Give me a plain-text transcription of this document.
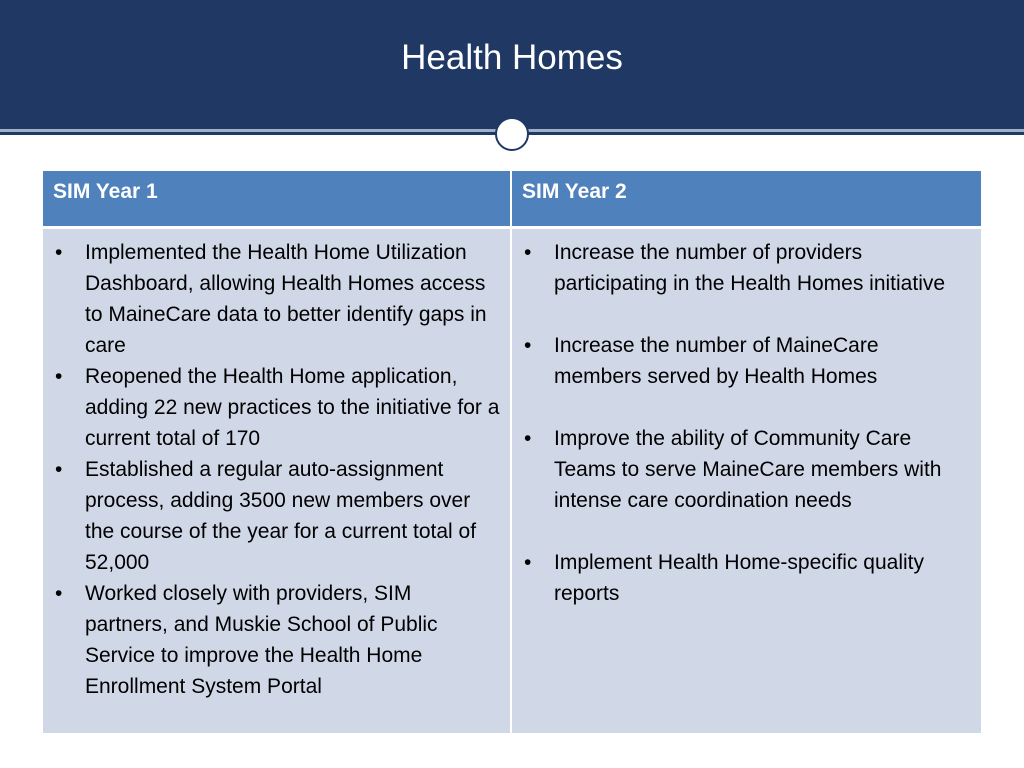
Health Homes
SIM Year 1	SIM Year 2
• Implemented the Health Home Utilization Dashboard, allowing Health Homes access to MaineCare data to better identify gaps in care
• Reopened the Health Home application, adding 22 new practices to the initiative for a current total of 170
• Established a regular auto-assignment process, adding 3500 new members over the course of the year for a current total of 52,000
• Worked closely with providers, SIM partners, and Muskie School of Public Service to improve the Health Home Enrollment System Portal
• Increase the number of providers participating in the Health Homes initiative
• Increase the number of MaineCare members served by Health Homes
• Improve the ability of Community Care Teams to serve MaineCare members with intense care coordination needs
• Implement Health Home-specific quality reports
